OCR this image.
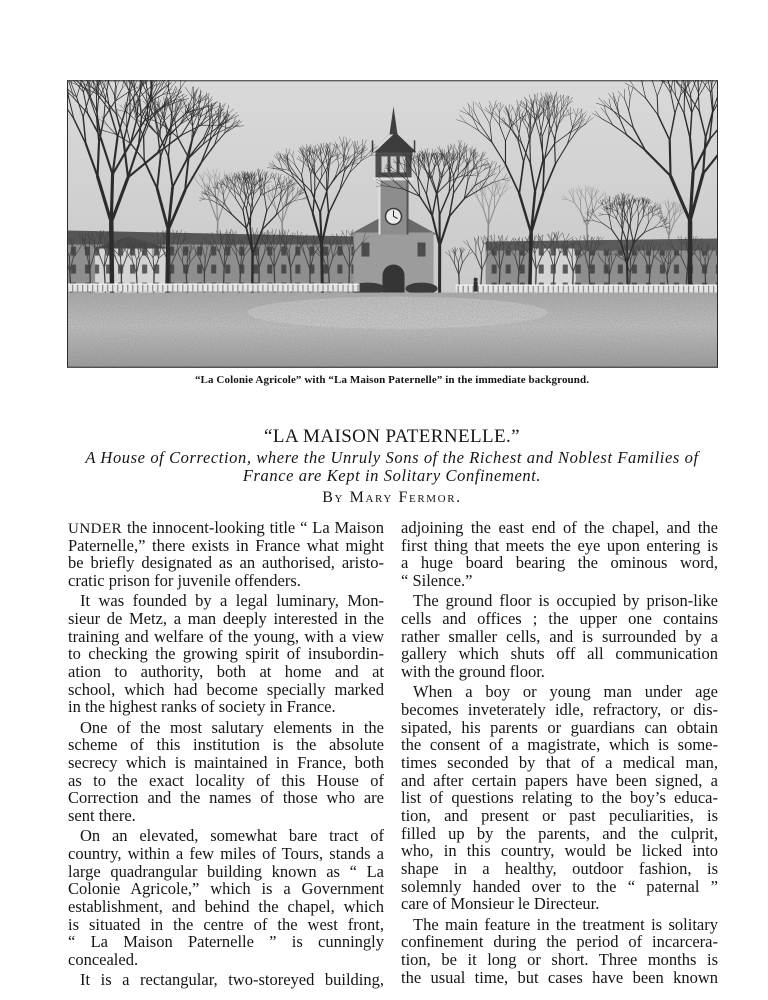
“La Colonie Agricole” with “La Maison Paternelle” in the immediate background.
“LA MAISON PATERNELLE.”
A House of Correction, where the Unruly Sons of the Richest and Noblest Families of
France are Kept in Solitary Confinement.
By Mary Fermor.
UNDER the innocent-looking title “ La Maison
Paternelle,” there exists in France what might
be briefly designated as an authorised, aristo-
cratic prison for juvenile offenders.
It was founded by a legal luminary, Mon-
sieur de Metz, a man deeply interested in the
training and welfare of the young, with a view
to checking the growing spirit of insubordin-
ation to authority, both at home and at
school, which had become specially marked
in the highest ranks of society in France.
One of the most salutary elements in the
scheme of this institution is the absolute
secrecy which is maintained in France, both
as to the exact locality of this House of
Correction and the names of those who are
sent there.
On an elevated, somewhat bare tract of
country, within a few miles of Tours, stands a
large quadrangular building known as “ La
Colonie Agricole,” which is a Government
establishment, and behind the chapel, which
is situated in the centre of the west front,
“ La Maison Paternelle ” is cunningly
concealed.
It is a rectangular, two-storeyed building,
adjoining the east end of the chapel, and the
first thing that meets the eye upon entering is
a huge board bearing the ominous word,
“ Silence.”
The ground floor is occupied by prison-like
cells and offices ; the upper one contains
rather smaller cells, and is surrounded by a
gallery which shuts off all communication
with the ground floor.
When a boy or young man under age
becomes inveterately idle, refractory, or dis-
sipated, his parents or guardians can obtain
the consent of a magistrate, which is some-
times seconded by that of a medical man,
and after certain papers have been signed, a
list of questions relating to the boy’s educa-
tion, and present or past peculiarities, is
filled up by the parents, and the culprit,
who, in this country, would be licked into
shape in a healthy, outdoor fashion, is
solemnly handed over to the “ paternal ”
care of Monsieur le Directeur.
The main feature in the treatment is solitary
confinement during the period of incarcera-
tion, be it long or short. Three months is
the usual time, but cases have been known
